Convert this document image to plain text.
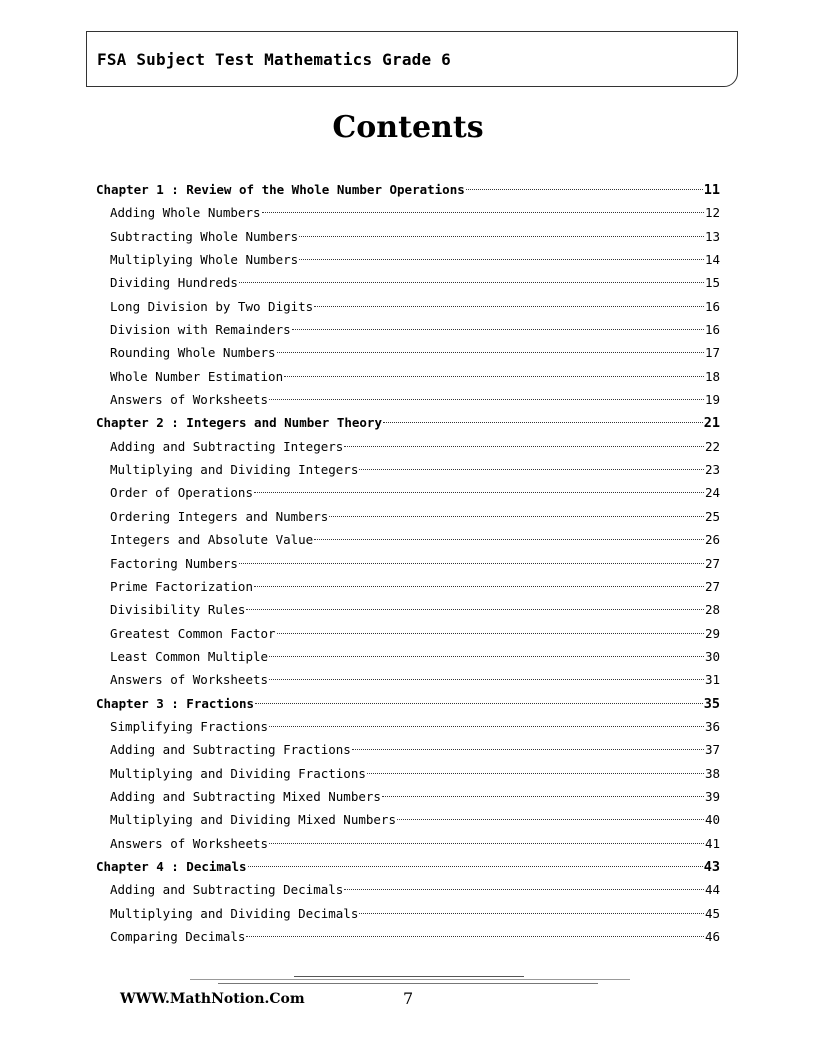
FSA Subject Test Mathematics Grade 6
Contents
Chapter 1 : Review of the Whole Number Operations	11
Adding Whole Numbers	12
Subtracting Whole Numbers	13
Multiplying Whole Numbers	14
Dividing Hundreds	15
Long Division by Two Digits	16
Division with Remainders	16
Rounding Whole Numbers	17
Whole Number Estimation	18
Answers of Worksheets	19
Chapter 2 : Integers and Number Theory	21
Adding and Subtracting Integers	22
Multiplying and Dividing Integers	23
Order of Operations	24
Ordering Integers and Numbers	25
Integers and Absolute Value	26
Factoring Numbers	27
Prime Factorization	27
Divisibility Rules	28
Greatest Common Factor	29
Least Common Multiple	30
Answers of Worksheets	31
Chapter 3 : Fractions	35
Simplifying Fractions	36
Adding and Subtracting Fractions	37
Multiplying and Dividing Fractions	38
Adding and Subtracting Mixed Numbers	39
Multiplying and Dividing Mixed Numbers	40
Answers of Worksheets	41
Chapter 4 : Decimals	43
Adding and Subtracting Decimals	44
Multiplying and Dividing Decimals	45
Comparing Decimals	46
WWW.MathNotion.Com	7
